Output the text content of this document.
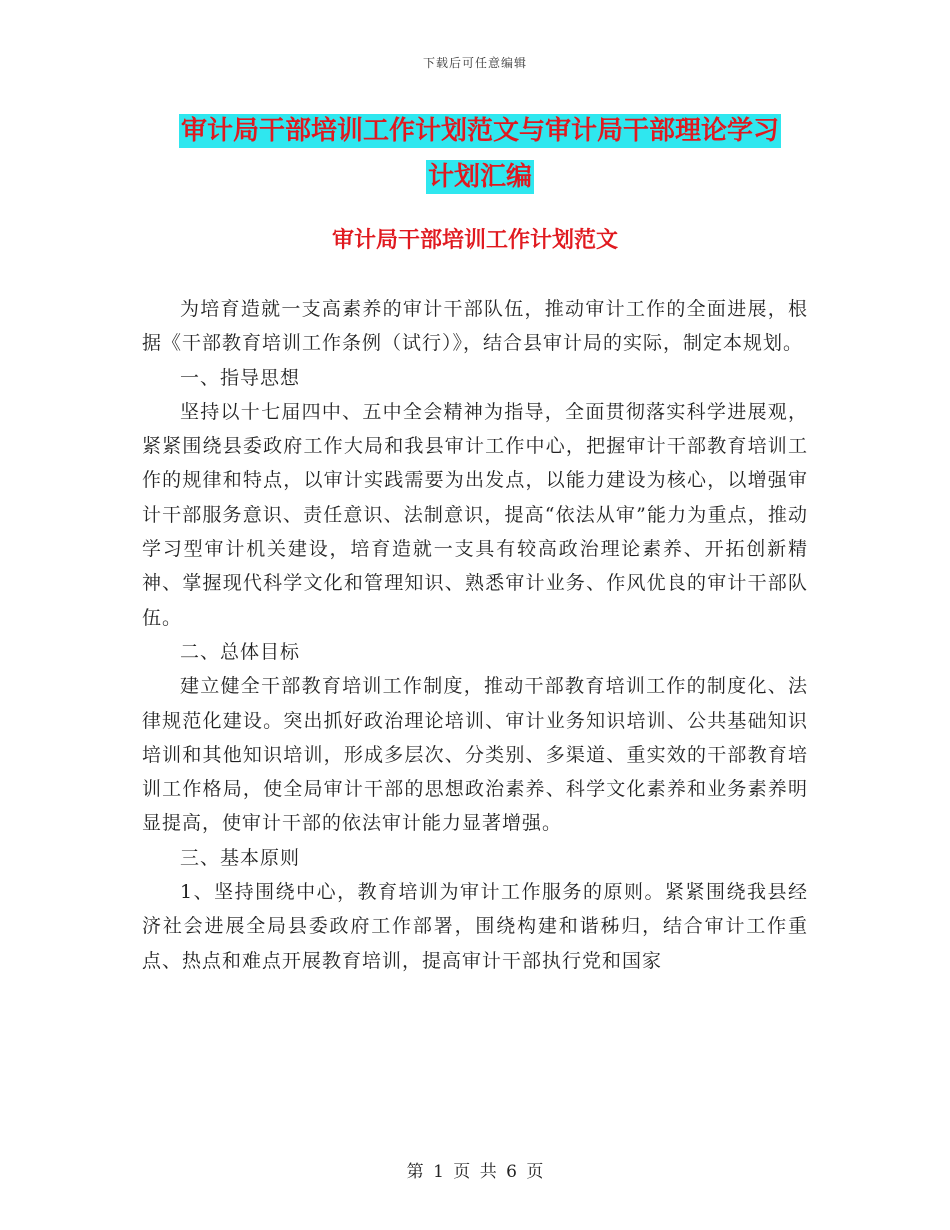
下载后可任意编辑
审计局干部培训工作计划范文与审计局干部理论学习
计划汇编
审计局干部培训工作计划范文

为培育造就一支高素养的审计干部队伍，推动审计工作的全面进展，根据《干部教育培训工作条例（试行）》，结合县审计局的实际，制定本规划。

一、指导思想

坚持以十七届四中、五中全会精神为指导，全面贯彻落实科学进展观，紧紧围绕县委政府工作大局和我县审计工作中心，把握审计干部教育培训工作的规律和特点，以审计实践需要为出发点，以能力建设为核心，以增强审计干部服务意识、责任意识、法制意识，提高“依法从审”能力为重点，推动学习型审计机关建设，培育造就一支具有较高政治理论素养、开拓创新精神、掌握现代科学文化和管理知识、熟悉审计业务、作风优良的审计干部队伍。

二、总体目标

建立健全干部教育培训工作制度，推动干部教育培训工作的制度化、法律规范化建设。突出抓好政治理论培训、审计业务知识培训、公共基础知识培训和其他知识培训，形成多层次、分类别、多渠道、重实效的干部教育培训工作格局，使全局审计干部的思想政治素养、科学文化素养和业务素养明显提高，使审计干部的依法审计能力显著增强。

三、基本原则

1、坚持围绕中心，教育培训为审计工作服务的原则。紧紧围绕我县经济社会进展全局县委政府工作部署，围绕构建和谐秭归，结合审计工作重点、热点和难点开展教育培训，提高审计干部执行党和国家

第 1 页 共 6 页
